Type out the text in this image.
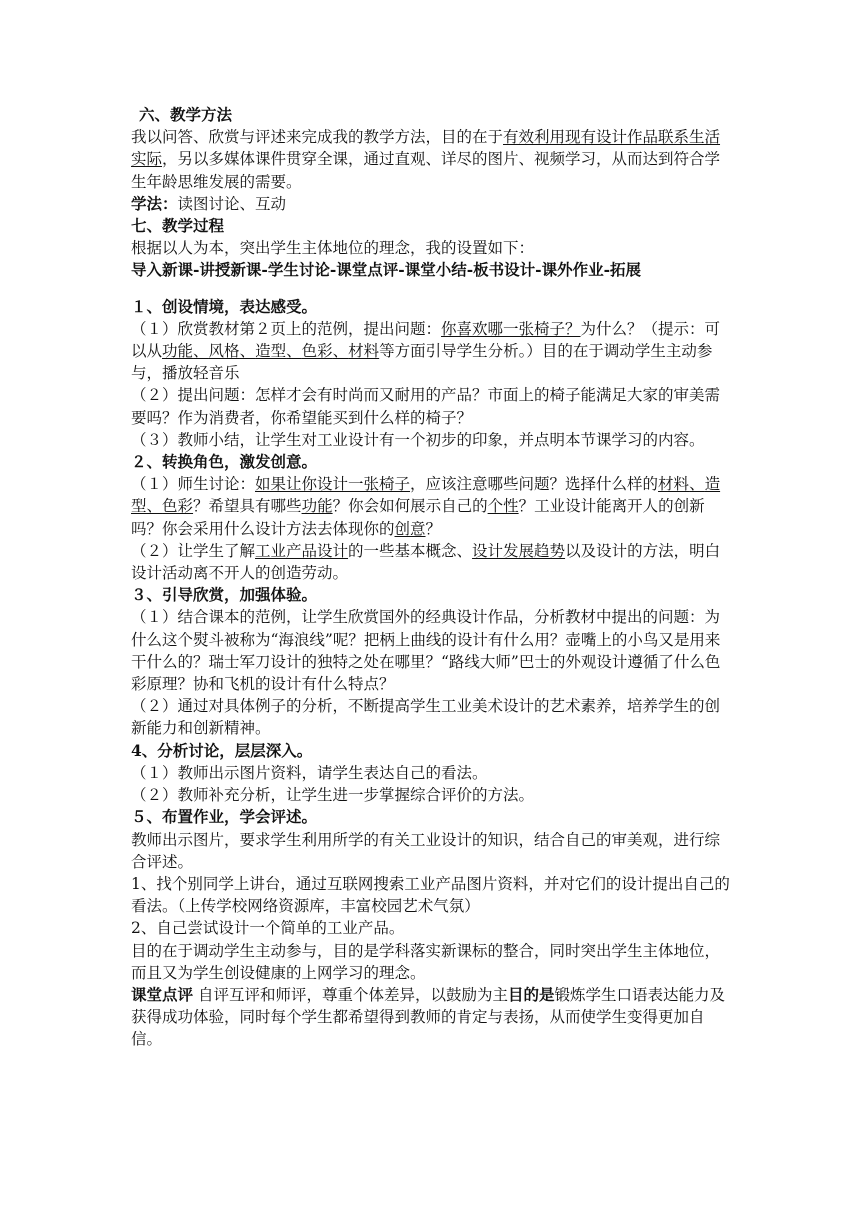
六、教学方法

我以问答、欣赏与评述来完成我的教学方法，目的在于有效利用现有设计作品联系生活实际，另以多媒体课件贯穿全课，通过直观、详尽的图片、视频学习，从而达到符合学生年龄思维发展的需要。

学法：读图讨论、互动

七、教学过程

根据以人为本，突出学生主体地位的理念，我的设置如下：

导入新课-讲授新课-学生讨论-课堂点评-课堂小结-板书设计-课外作业-拓展

１、创设情境，表达感受。

（１）欣赏教材第２页上的范例，提出问题：你喜欢哪一张椅子？为什么？（提示：可以从功能、风格、造型、色彩、材料等方面引导学生分析。）目的在于调动学生主动参与，播放轻音乐

（２）提出问题：怎样才会有时尚而又耐用的产品？市面上的椅子能满足大家的审美需要吗？作为消费者，你希望能买到什么样的椅子？

（３）教师小结，让学生对工业设计有一个初步的印象，并点明本节课学习的内容。

２、转换角色，激发创意。

（１）师生讨论：如果让你设计一张椅子，应该注意哪些问题？选择什么样的材料、造型、色彩？希望具有哪些功能？你会如何展示自己的个性？工业设计能离开人的创新吗？你会采用什么设计方法去体现你的创意？

（２）让学生了解工业产品设计的一些基本概念、设计发展趋势以及设计的方法，明白设计活动离不开人的创造劳动。

３、引导欣赏，加强体验。

（１）结合课本的范例，让学生欣赏国外的经典设计作品，分析教材中提出的问题：为什么这个熨斗被称为“海浪线”呢？把柄上曲线的设计有什么用？壶嘴上的小鸟又是用来干什么的？瑞士军刀设计的独特之处在哪里？“路线大师”巴士的外观设计遵循了什么色彩原理？协和飞机的设计有什么特点？

（２）通过对具体例子的分析，不断提高学生工业美术设计的艺术素养，培养学生的创新能力和创新精神。

4、分析讨论，层层深入。

（１）教师出示图片资料，请学生表达自己的看法。

（２）教师补充分析，让学生进一步掌握综合评价的方法。

５、布置作业，学会评述。

教师出示图片，要求学生利用所学的有关工业设计的知识，结合自己的审美观，进行综合评述。

1、找个别同学上讲台，通过互联网搜索工业产品图片资料，并对它们的设计提出自己的看法。（上传学校网络资源库，丰富校园艺术气氛）

2、自己尝试设计一个简单的工业产品。

目的在于调动学生主动参与，目的是学科落实新课标的整合，同时突出学生主体地位，而且又为学生创设健康的上网学习的理念。

课堂点评 自评互评和师评，尊重个体差异，以鼓励为主目的是锻炼学生口语表达能力及获得成功体验，同时每个学生都希望得到教师的肯定与表扬，从而使学生变得更加自信。
